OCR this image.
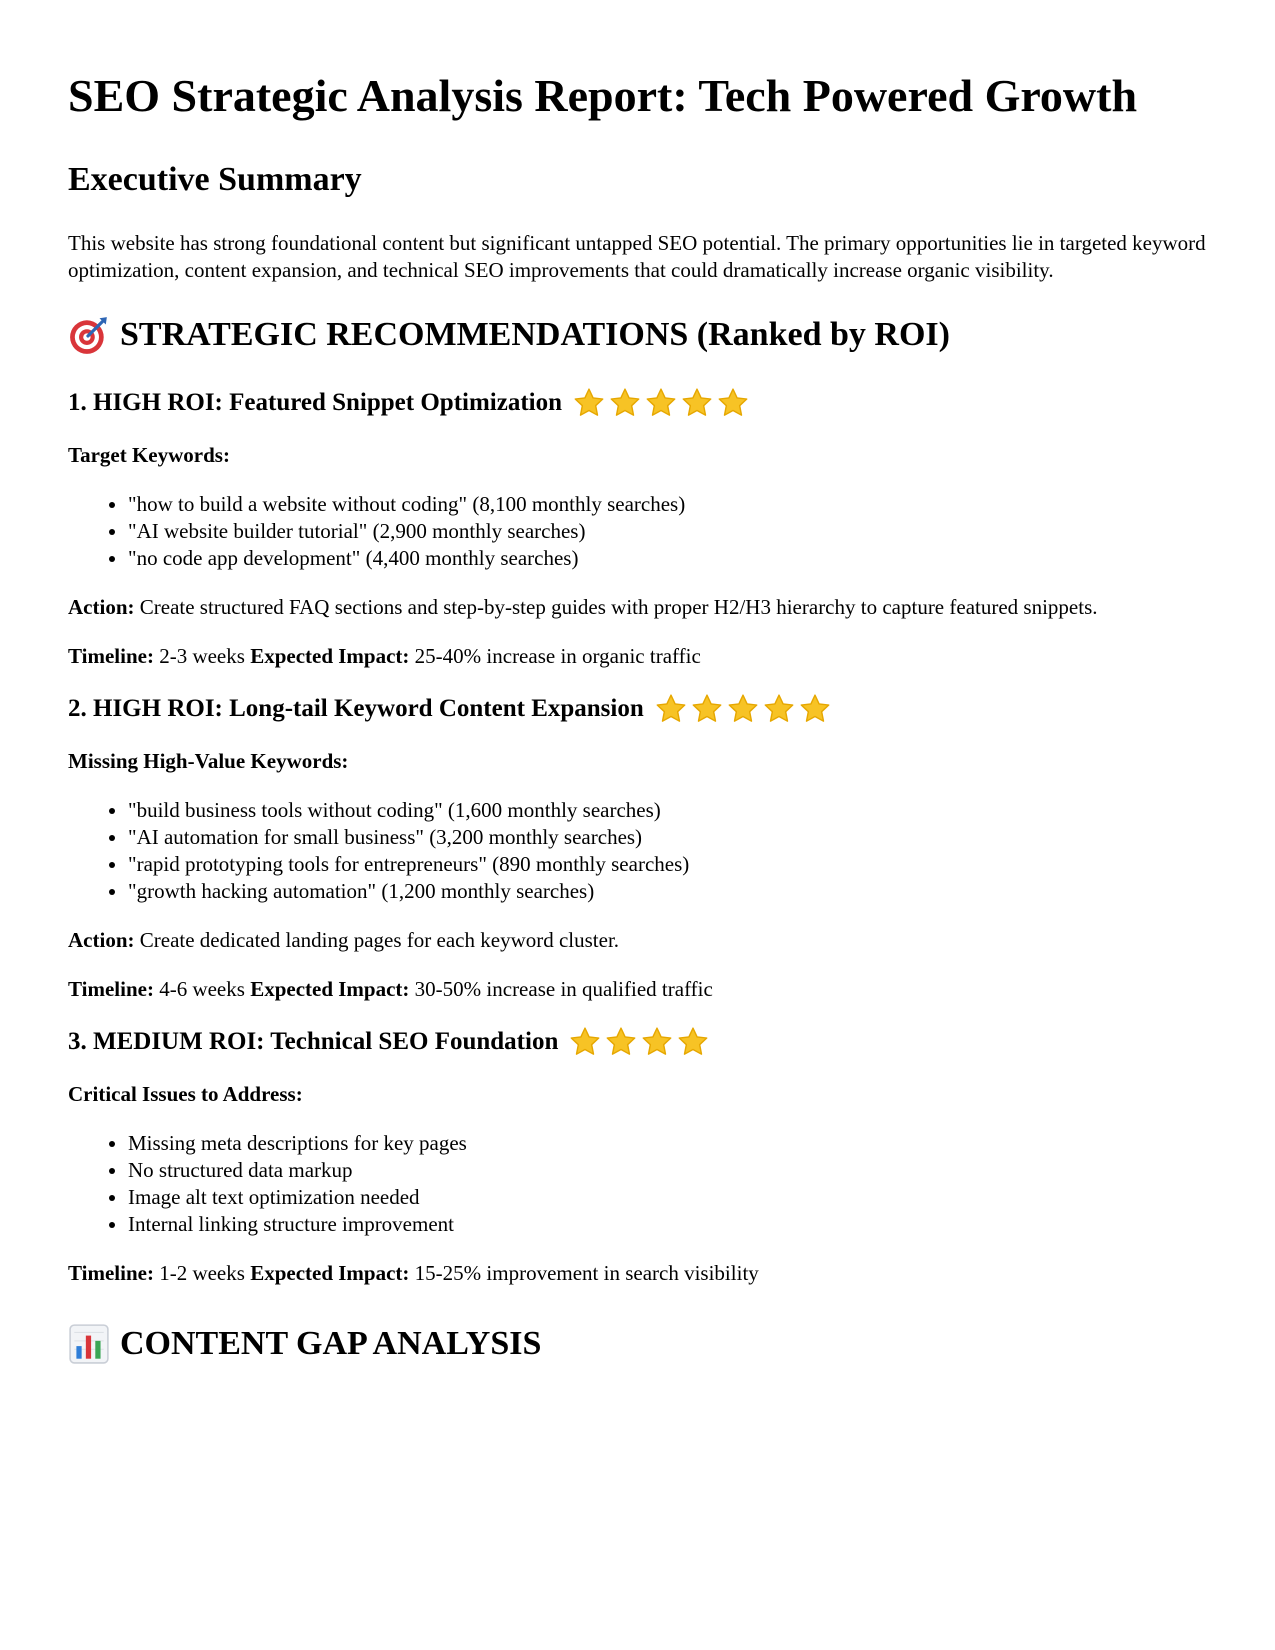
SEO Strategic Analysis Report: Tech Powered Growth
Executive Summary

This website has strong foundational content but significant untapped SEO potential. The primary opportunities lie in targeted keyword optimization, content expansion, and technical SEO improvements that could dramatically increase organic visibility.

STRATEGIC RECOMMENDATIONS (Ranked by ROI)
1. HIGH ROI: Featured Snippet Optimization

Target Keywords:

• "how to build a website without coding" (8,100 monthly searches)
• "AI website builder tutorial" (2,900 monthly searches)
• "no code app development" (4,400 monthly searches)

Action: Create structured FAQ sections and step-by-step guides with proper H2/H3 hierarchy to capture featured snippets.

Timeline: 2-3 weeks Expected Impact: 25-40% increase in organic traffic

2. HIGH ROI: Long-tail Keyword Content Expansion

Missing High-Value Keywords:

• "build business tools without coding" (1,600 monthly searches)
• "AI automation for small business" (3,200 monthly searches)
• "rapid prototyping tools for entrepreneurs" (890 monthly searches)
• "growth hacking automation" (1,200 monthly searches)

Action: Create dedicated landing pages for each keyword cluster.

Timeline: 4-6 weeks Expected Impact: 30-50% increase in qualified traffic

3. MEDIUM ROI: Technical SEO Foundation

Critical Issues to Address:

• Missing meta descriptions for key pages
• No structured data markup
• Image alt text optimization needed
• Internal linking structure improvement

Timeline: 1-2 weeks Expected Impact: 15-25% improvement in search visibility

CONTENT GAP ANALYSIS
